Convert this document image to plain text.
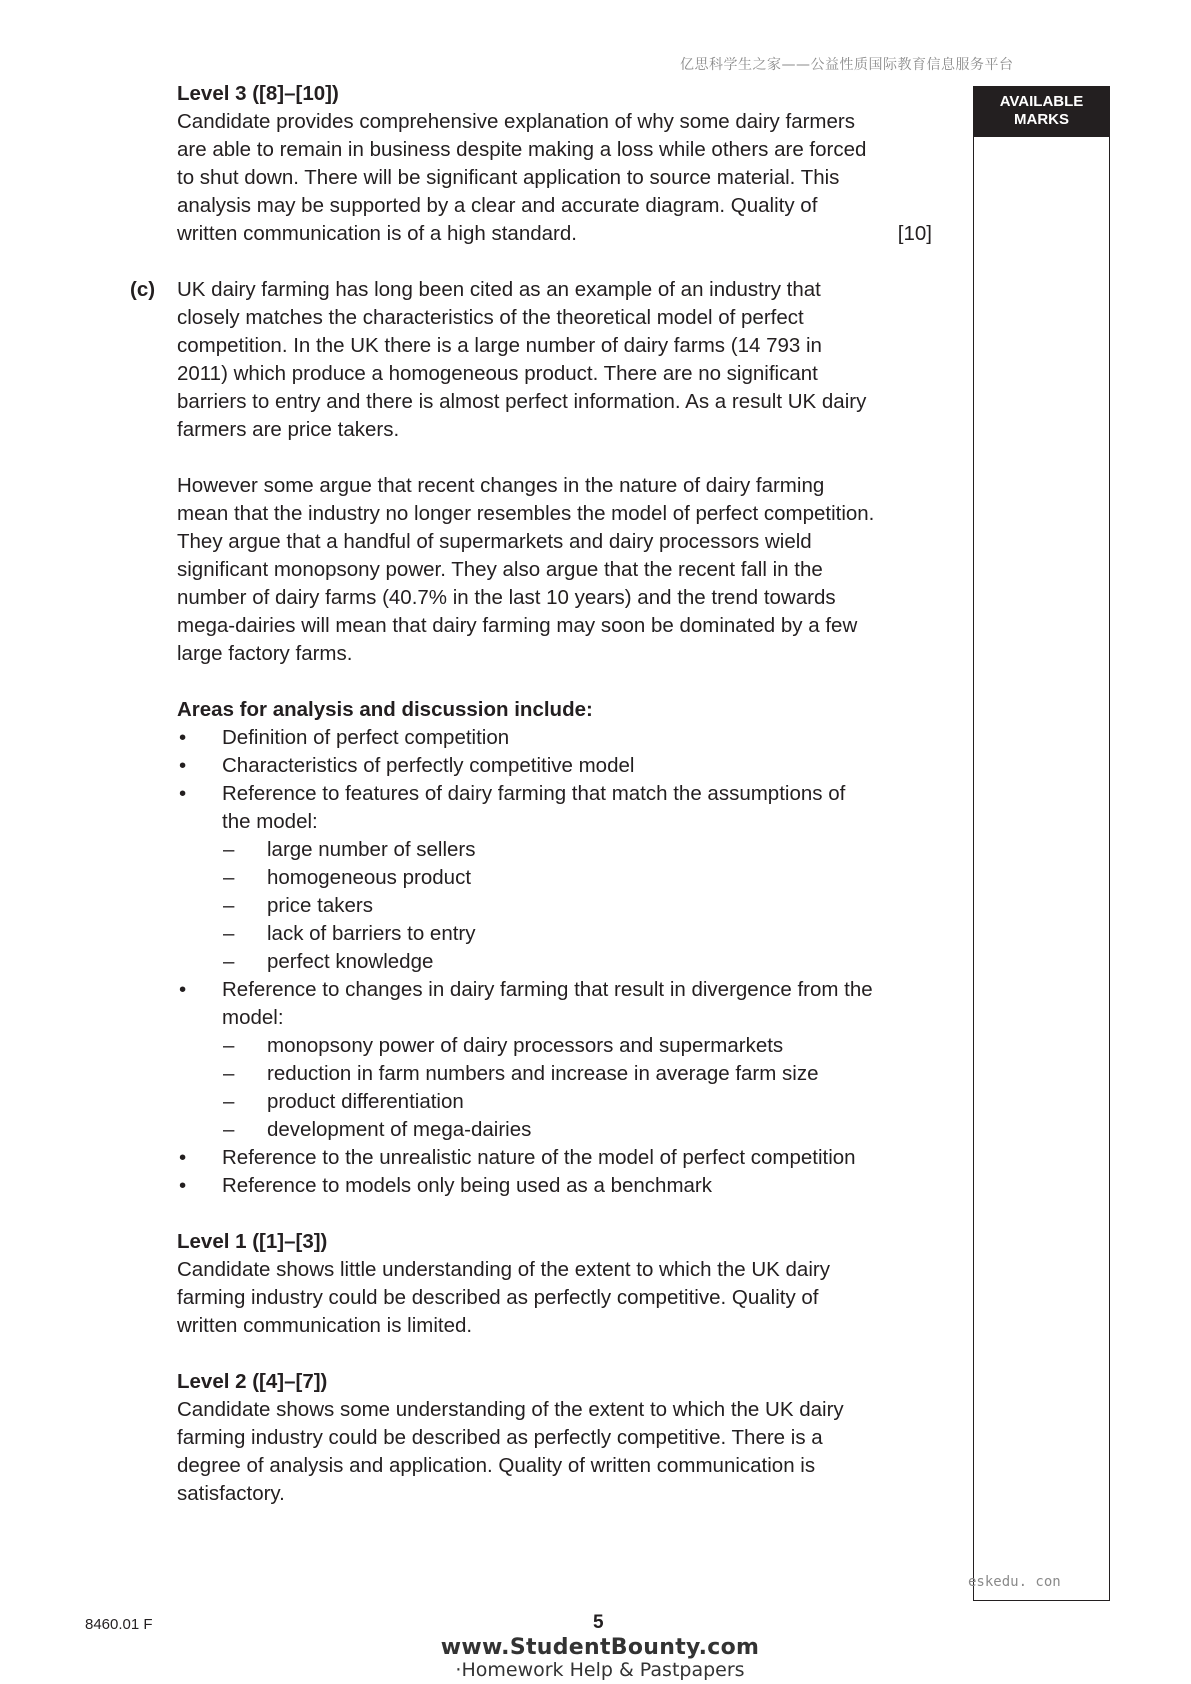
亿思科学生之家——公益性质国际教育信息服务平台
AVAILABLE
MARKS
Level 3 ([8]–[10])
Candidate provides comprehensive explanation of why some dairy farmers
are able to remain in business despite making a loss while others are forced
to shut down. There will be significant application to source material. This
analysis may be supported by a clear and accurate diagram. Quality of
written communication is of a high standard.	[10]
(c) UK dairy farming has long been cited as an example of an industry that
closely matches the characteristics of the theoretical model of perfect
competition. In the UK there is a large number of dairy farms (14 793 in
2011) which produce a homogeneous product. There are no significant
barriers to entry and there is almost perfect information. As a result UK dairy
farmers are price takers.
However some argue that recent changes in the nature of dairy farming
mean that the industry no longer resembles the model of perfect competition.
They argue that a handful of supermarkets and dairy processors wield
significant monopsony power. They also argue that the recent fall in the
number of dairy farms (40.7% in the last 10 years) and the trend towards
mega-dairies will mean that dairy farming may soon be dominated by a few
large factory farms.
Areas for analysis and discussion include:
• Definition of perfect competition
• Characteristics of perfectly competitive model
• Reference to features of dairy farming that match the assumptions of
the model:
– large number of sellers
– homogeneous product
– price takers
– lack of barriers to entry
– perfect knowledge
• Reference to changes in dairy farming that result in divergence from the
model:
– monopsony power of dairy processors and supermarkets
– reduction in farm numbers and increase in average farm size
– product differentiation
– development of mega-dairies
• Reference to the unrealistic nature of the model of perfect competition
• Reference to models only being used as a benchmark
Level 1 ([1]–[3])
Candidate shows little understanding of the extent to which the UK dairy
farming industry could be described as perfectly competitive. Quality of
written communication is limited.
Level 2 ([4]–[7])
Candidate shows some understanding of the extent to which the UK dairy
farming industry could be described as perfectly competitive. There is a
degree of analysis and application. Quality of written communication is
satisfactory.
eskedu. con
8460.01 F	5
www.StudentBounty.com
·Homework Help & Pastpapers
